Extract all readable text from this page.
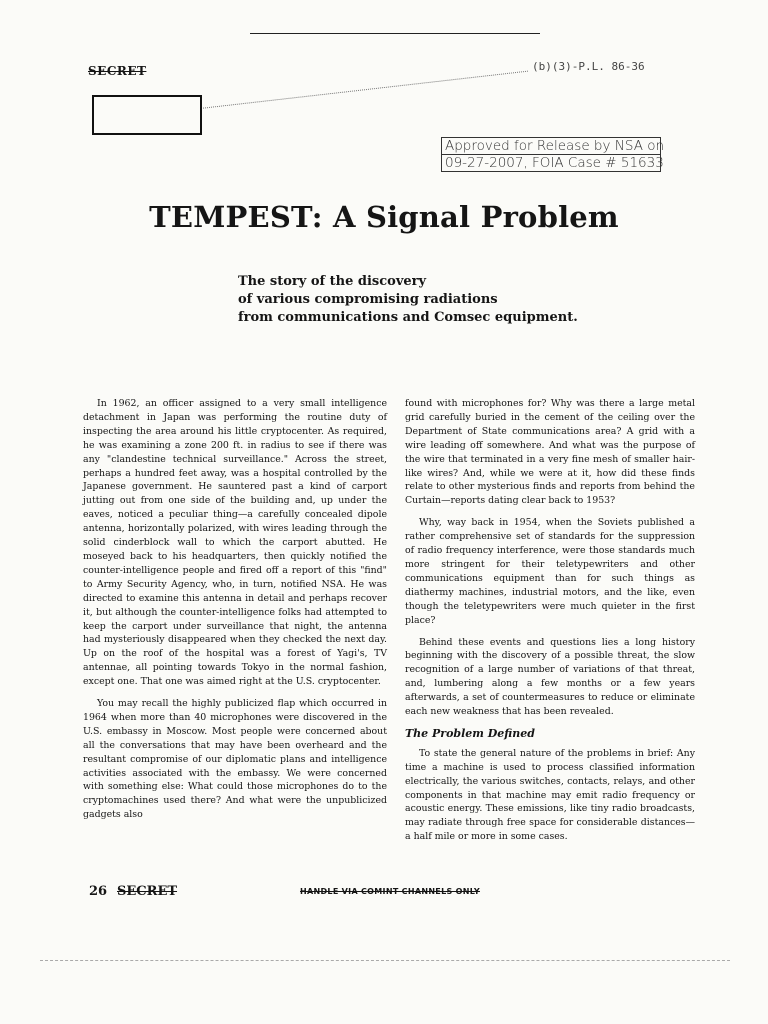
SECRET	(b)(3)-P.L. 86-36
Approved for Release by NSA on
09-27-2007, FOIA Case # 51633
TEMPEST: A Signal Problem
The story of the discovery
of various compromising radiations
from communications and Comsec equipment.

In 1962, an officer assigned to a very small intelligence detachment in Japan was performing the routine duty of inspecting the area around his little cryptocenter. As required, he was examining a zone 200 ft. in radius to see if there was any "clandestine technical surveillance." Across the street, perhaps a hundred feet away, was a hospital controlled by the Japanese government. He sauntered past a kind of carport jutting out from one side of the building and, up under the eaves, noticed a peculiar thing—a carefully concealed dipole antenna, horizontally polarized, with wires leading through the solid cinderblock wall to which the carport abutted. He moseyed back to his headquarters, then quickly notified the counter-intelligence people and fired off a report of this "find" to Army Security Agency, who, in turn, notified NSA. He was directed to examine this antenna in detail and perhaps recover it, but although the counter-intelligence folks had attempted to keep the carport under surveillance that night, the antenna had mysteriously disappeared when they checked the next day. Up on the roof of the hospital was a forest of Yagi's, TV antennae, all pointing towards Tokyo in the normal fashion, except one. That one was aimed right at the U.S. cryptocenter.

You may recall the highly publicized flap which occurred in 1964 when more than 40 microphones were discovered in the U.S. embassy in Moscow. Most people were concerned about all the conversations that may have been overheard and the resultant compromise of our diplomatic plans and intelligence activities associated with the embassy. We were concerned with something else: What could those microphones do to the cryptomachines used there? And what were the unpublicized gadgets also

found with microphones for? Why was there a large metal grid carefully buried in the cement of the ceiling over the Department of State communications area? A grid with a wire leading off somewhere. And what was the purpose of the wire that terminated in a very fine mesh of smaller hair-like wires? And, while we were at it, how did these finds relate to other mysterious finds and reports from behind the Curtain—reports dating clear back to 1953?

Why, way back in 1954, when the Soviets published a rather comprehensive set of standards for the suppression of radio frequency interference, were those standards much more stringent for their teletypewriters and other communications equipment than for such things as diathermy machines, industrial motors, and the like, even though the teletypewriters were much quieter in the first place?

Behind these events and questions lies a long history beginning with the discovery of a possible threat, the slow recognition of a large number of variations of that threat, and, lumbering along a few months or a few years afterwards, a set of countermeasures to reduce or eliminate each new weakness that has been revealed.

The Problem Defined

To state the general nature of the problems in brief: Any time a machine is used to process classified information electrically, the various switches, contacts, relays, and other components in that machine may emit radio frequency or acoustic energy. These emissions, like tiny radio broadcasts, may radiate through free space for considerable distances—a half mile or more in some cases.

26 SECRET	HANDLE VIA COMINT CHANNELS ONLY
